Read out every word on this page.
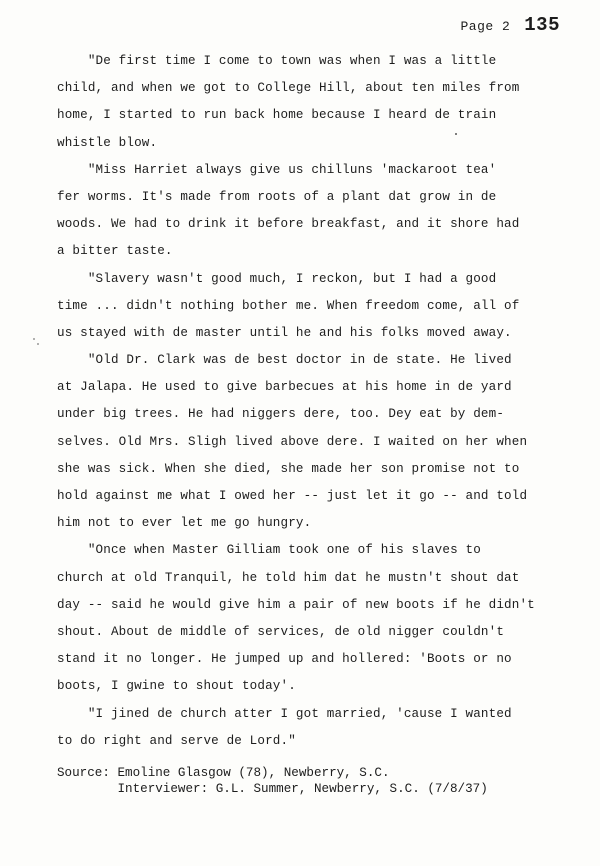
Page 2 135
"De first time I come to town was when I was a little
child, and when we got to College Hill, about ten miles from
home, I started to run back home because I heard de train
whistle blow.
"Miss Harriet always give us chilluns 'mackaroot tea'
fer worms. It's made from roots of a plant dat grow in de
woods. We had to drink it before breakfast, and it shore had
a bitter taste.
"Slavery wasn't good much, I reckon, but I had a good
time ... didn't nothing bother me. When freedom come, all of
us stayed with de master until he and his folks moved away.
"Old Dr. Clark was de best doctor in de state. He lived
at Jalapa. He used to give barbecues at his home in de yard
under big trees. He had niggers dere, too. Dey eat by dem-
selves. Old Mrs. Sligh lived above dere. I waited on her when
she was sick. When she died, she made her son promise not to
hold against me what I owed her -- just let it go -- and told
him not to ever let me go hungry.
"Once when Master Gilliam took one of his slaves to
church at old Tranquil, he told him dat he mustn't shout dat
day -- said he would give him a pair of new boots if he didn't
shout. About de middle of services, de old nigger couldn't
stand it no longer. He jumped up and hollered: 'Boots or no
boots, I gwine to shout today'.
"I jined de church atter I got married, 'cause I wanted
to do right and serve de Lord."
Source: Emoline Glasgow (78), Newberry, S.C.
Interviewer: G.L. Summer, Newberry, S.C. (7/8/37)
